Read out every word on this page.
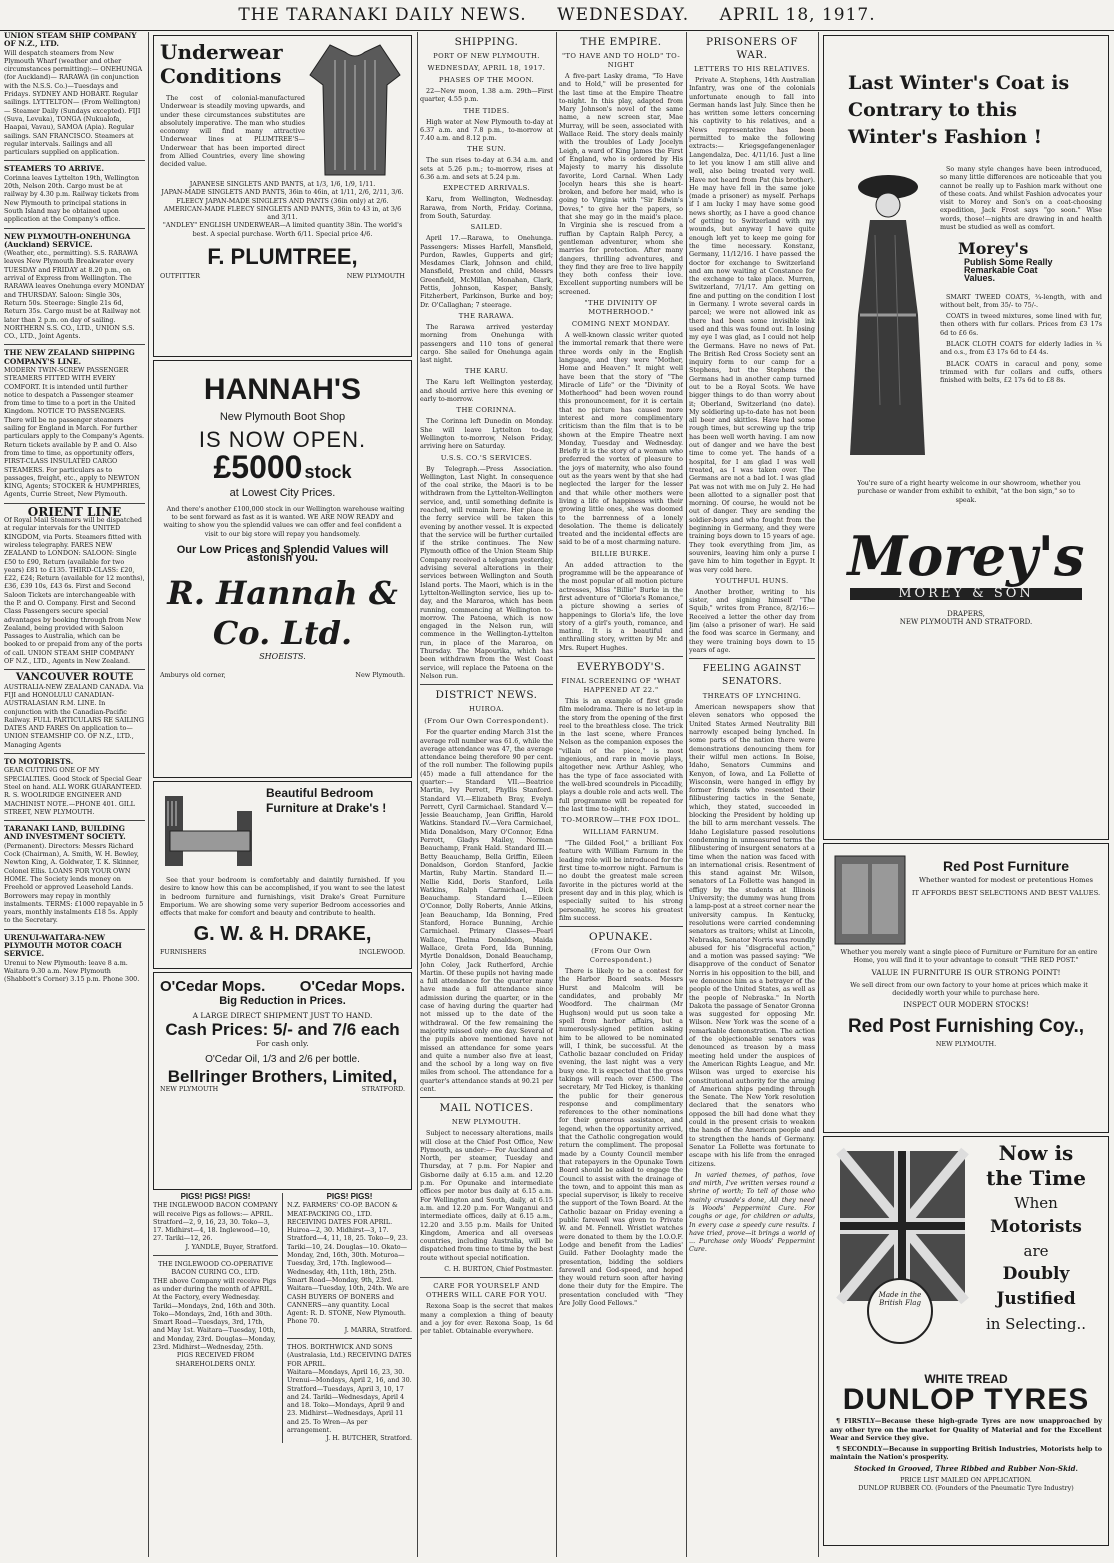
THE TARANAKI DAILY NEWS. WEDNESDAY. APRIL 18, 1917.
UNION STEAM SHIP COMPANY OF N.Z., LTD.
Will despatch steamers from New Plymouth Wharf (weather and other circumstances permitting):— ONEHUNGA (for Auckland)— RARAWA (in conjunction with the N.S.S. Co.)—Tuesdays and Fridays. SYDNEY AND HOBART. Regular sailings. LYTTELTON— (From Wellington)— Steamer Daily (Sundays excepted). FIJI (Suva, Levuka), TONGA (Nukualofa, Haapai, Vavau), SAMOA (Apia). Regular sailings. SAN FRANCISCO. Steamers at regular intervals. Sailings and all particulars supplied on application.
STEAMERS TO ARRIVE.
Corinna leaves Lyttelton 19th, Wellington 20th, Nelson 20th. Cargo must be at railway by 4.30 p.m. Railway tickets from New Plymouth to principal stations in South Island may be obtained upon application at the Company's office.
NEW PLYMOUTH-ONEHUNGA (Auckland) SERVICE.
(Weather, etc., permitting). S.S. RARAWA leaves New Plymouth Breakwater every TUESDAY and FRIDAY at 8.20 p.m., on arrival of Express from Wellington. The RARAWA leaves Onehunga every MONDAY and THURSDAY. Saloon: Single 30s, Return 50s. Steerage: Single 21s 6d, Return 35s. Cargo must be at Railway not later than 2 p.m. on day of sailing. NORTHERN S.S. CO., LTD., UNION S.S. CO., LTD., Joint Agents.
THE NEW ZEALAND SHIPPING COMPANY'S LINE.
MODERN TWIN-SCREW PASSENGER STEAMERS FITTED WITH EVERY COMFORT. It is intended until further notice to despatch a Passenger steamer from time to time to a port in the United Kingdom. NOTICE TO PASSENGERS. There will be no passenger steamers sailing for England in March. For further particulars apply to the Company's Agents. Return tickets available by P. and O. Also from time to time, as opportunity offers, FIRST-CLASS INSULATED CARGO STEAMERS. For particulars as to passages, freight, etc., apply to NEWTON KING, Agents; STOCKER & HUMPHRIES, Agents, Currie Street, New Plymouth.
ORIENT LINE
Of Royal Mail Steamers will be dispatched at regular intervals for the UNITED KINGDOM, via Ports. Steamers fitted with wireless telegraphy. FARES NEW ZEALAND to LONDON: SALOON: Single £50 to £90, Return (available for two years) £81 to £135. THIRD-CLASS: £20, £22, £24; Return (available for 12 months), £36, £39 10s, £43 6s. First and Second Saloon Tickets are interchangeable with the P. and O. Company. First and Second Class Passengers secure special advantages by booking through from New Zealand, being provided with Saloon Passages to Australia, which can be booked to or prepaid from any of the ports of call. UNION STEAM SHIP COMPANY OF N.Z., LTD., Agents in New Zealand.
VANCOUVER ROUTE
AUSTRALIA-NEW ZEALAND CANADA. Via FIJI and HONOLULU CANADIAN-AUSTRALASIAN R.M. LINE. In conjunction with the Canadian-Pacific Railway. FULL PARTICULARS RE SAILING DATES AND FARES On application to— UNION STEAMSHIP CO. OF N.Z., LTD., Managing Agents
TO MOTORISTS.
GEAR CUTTING ONE OF MY SPECIALTIES. Good Stock of Special Gear Steel on hand. ALL WORK GUARANTEED. R. S. WOOLRIDGE ENGINEER AND MACHINIST NOTE.—PHONE 401. GILL STREET, NEW PLYMOUTH.
TARANAKI LAND, BUILDING AND INVESTMENT SOCIETY.
(Permanent). Directors: Messrs Richard Cock (Chairman), A. Smith, W. H. Bewley, Newton King, A. Goldwater, T. K. Skinner, Colonel Ellis. LOANS FOR YOUR OWN HOME. The Society lends money on Freehold or approved Leasehold Lands. Borrowers may repay in monthly instalments. TERMS: £1000 repayable in 5 years, monthly instalments £18 5s. Apply to the Secretary.
URENUI-WAITARA-NEW PLYMOUTH MOTOR COACH SERVICE.
Urenui to New Plymouth: leave 8 a.m. Waitara 9.30 a.m. New Plymouth (Shabbott's Corner) 3.15 p.m. Phone 300.
Underwear
Conditions
The cost of colonial-manufactured Underwear is steadily moving upwards, and under these circumstances substitutes are absolutely imperative. The man who studies economy will find many attractive Underwear lines at PLUMTREE'S—Underwear that has been imported direct from Allied Countries, every line showing decided value.
JAPANESE SINGLETS AND PANTS, at 1/3, 1/6, 1/9, 1/11.
JAPAN-MADE SINGLETS AND PANTS, 36in to 46in, at 1/11, 2/6, 2/11, 3/6.
FLEECY JAPAN-MADE SINGLETS AND PANTS (36in only) at 2/6.
AMERICAN-MADE FLEECY SINGLETS AND PANTS, 36in to 43 in, at 3/6 and 3/11.
"ANDLEY" ENGLISH UNDERWEAR—A limited quantity 38in. The world's best. A special purchase. Worth 6/11. Special price 4/6.
F. PLUMTREE,
OUTFITTER	NEW PLYMOUTH
HANNAH'S
New Plymouth Boot Shop
IS NOW OPEN.
£5000 stock
at Lowest City Prices.
And there's another £100,000 stock in our Wellington warehouse waiting to be sent forward as fast as it is wanted. WE ARE NOW READY and waiting to show you the splendid values we can offer and feel confident a visit to our big store will repay you handsomely.
Our Low Prices and Splendid Values will astonish you.
R. Hannah & Co. Ltd.
SHOEISTS.
Amburys old corner,	New Plymouth.
Beautiful Bedroom
Furniture at Drake's !
See that your bedroom is comfortably and daintily furnished. If you desire to know how this can be accomplished, if you want to see the latest in bedroom furniture and furnishings, visit Drake's Great Furniture Emporium. We are showing some very superior Bedroom accessories and effects that make for comfort and beauty and contribute to health.
G. W. & H. DRAKE,
FURNISHERS	INGLEWOOD.
O'Cedar Mops. O'Cedar Mops.
Big Reduction in Prices.
A LARGE DIRECT SHIPMENT JUST TO HAND.
Cash Prices: 5/- and 7/6 each
For cash only.
O'Cedar Oil, 1/3 and 2/6 per bottle.
Bellringer Brothers, Limited,
NEW PLYMOUTH	STRATFORD.
PIGS! PIGS! PIGS!
THE INGLEWOOD BACON COMPANY will receive Pigs as follows:— APRIL. Stratford—2, 9, 16, 23, 30. Toko—3, 17. Midhirst—4, 18. Inglewood—10, 27. Tariki—12, 26.
J. YANDLE, Buyer, Stratford.
THE INGLEWOOD CO-OPERATIVE BACON CURING CO., LTD.
THE above Company will receive Pigs as under during the month of APRIL. At the Factory, every Wednesday. Tariki—Mondays, 2nd, 16th and 30th. Toko—Mondays, 2nd, 16th and 30th. Smart Road—Tuesdays, 3rd, 17th, and May 1st. Waitara—Tuesday, 10th, and Monday, 23rd. Douglas—Monday, 23rd. Midhirst—Wednesday, 25th.
PIGS RECEIVED FROM SHAREHOLDERS ONLY.
PIGS! PIGS!
N.Z. FARMERS' CO-OP. BACON & MEAT-PACKING CO., LTD. RECEIVING DATES FOR APRIL.
Huiroa—2, 30. Midhirst—3, 17. Stratford—4, 11, 18, 25. Toko—9, 23. Tariki—10, 24. Douglas—10. Okato—Monday, 2nd, 16th, 30th. Moturoa—Tuesday, 3rd, 17th. Inglewood—Wednesday, 4th, 11th, 18th, 25th. Smart Road—Monday, 9th, 23rd. Waitara—Tuesday, 10th, 24th. We are CASH BUYERS OF BONERS and CANNERS—any quantity. Local Agent: R. D. STONE, New Plymouth. Phone 70.
J. MARRA, Stratford.
THOS. BORTHWICK AND SONS (Australasia, Ltd.) RECEIVING DATES FOR APRIL.
Waitara—Mondays, April 16, 23, 30. Urenui—Mondays, April 2, 16, and 30. Stratford—Tuesdays, April 3, 10, 17 and 24. Tariki—Wednesdays, April 4 and 18. Toko—Mondays, April 9 and 23. Midhirst—Wednesdays, April 11 and 25. To Wren—As per arrangement.
J. H. BUTCHER, Stratford.
SHIPPING.
PORT OF NEW PLYMOUTH.
WEDNESDAY, APRIL 18, 1917.
PHASES OF THE MOON.
22—New moon, 1.38 a.m. 29th—First quarter, 4.55 p.m.
THE TIDES.
High water at New Plymouth to-day at 6.37 a.m. and 7.8 p.m., to-morrow at 7.40 a.m. and 8.12 p.m.
THE SUN.
The sun rises to-day at 6.34 a.m. and sets at 5.26 p.m.; to-morrow, rises at 6.36 a.m. and sets at 5.24 p.m.
EXPECTED ARRIVALS.
Karu, from Wellington, Wednesday. Rarawa, from North, Friday. Corinna, from South, Saturday.
SAILED.
April 17.—Rarawa, to Onehunga. Passengers: Misses Harfell, Mansfield, Purdon, Rawles, Gupperts and girl; Mesdames Clark, Johnson and child, Mansfield, Preston and child, Messrs Greenfield, McMillan, Monahan, Clark, Pettis, Johnson, Kasper, Bansly, Fitzherbert, Parkinson, Burke and boy; Dr. O'Callaghan; 7 steerage.
THE RARAWA.
The Rarawa arrived yesterday morning from Onehunga with passengers and 110 tons of general cargo. She sailed for Onehunga again last night.
THE KARU.
The Karu left Wellington yesterday, and should arrive here this evening or early to-morrow.
THE CORINNA.
The Corinna left Dunedin on Monday. She will leave Lyttelton to-day, Wellington to-morrow, Nelson Friday, arriving here on Saturday.
U.S.S. CO.'S SERVICES.
By Telegraph.—Press Association. Wellington, Last Night. In consequence of the coal strike, the Maori is to be withdrawn from the Lyttelton-Wellington service, and, until something definite is reached, will remain here. Her place in the ferry service will be taken this evening by another vessel. It is expected that the service will be further curtailed if the strike continues. The New Plymouth office of the Union Steam Ship Company received a telegram yesterday, advising several alterations in their services between Wellington and South Island ports. The Maori, which is in the Lyttelton-Wellington service, lies up to-day, and the Mararoa, which has been running, commencing at Wellington to-morrow. The Patoena, which is now engaged in the Nelson run, will commence in the Wellington-Lyttelton run, in place of the Mararoa, on Thursday. The Mapourika, which has been withdrawn from the West Coast service, will replace the Patoena on the Nelson run.
DISTRICT NEWS.
HUIROA.
(From Our Own Correspondent).
For the quarter ending March 31st the average roll number was 61.6, while the average attendance was 47, the average attendance being therefore 90 per cent. of the roll number. The following pupils (45) made a full attendance for the quarter:— Standard VII.—Beatrice Martin, Ivy Perrett, Phyllis Stanford. Standard VI.—Elizabeth Bray, Evelyn Perrett, Cyril Carmichael. Standard V.—Jessie Beauchamp, Jean Griffin, Harold Watkins. Standard IV.—Vera Carmichael, Mida Donaldson, Mary O'Connor, Edna Perrott, Gladys Mailey, Norman Beauchamp, Frank Hald. Standard III.—Betty Beauchamp, Bella Griffin, Eileen Donaldson, Gordon Stanford, Jackie Martin, Ruby Martin. Standard II.—Nellie Kidd, Doris Stanford, Leila Watkins, Ralph Carmichael, Dick Beauchamp. Standard I.—Eileen O'Connor, Dolly Roberts, Annie Atkins, Jean Beauchamp, Ida Bonning, Fred Stanford, Horace Bunning, Archie Carmichael. Primary Classes—Pearl Wallace, Thelma Donaldson, Maida Wallace, Greta Ford, Ida Bunning, Myrtle Donaldson, Donald Beauchamp, John Coley, Jack Rutherford, Archie Martin. Of these pupils not having made a full attendance for the quarter many have made a full attendance since admission during the quarter, or in the case of having during the quarter had not missed up to the date of the withdrawal. Of the few remaining the majority missed only one day. Several of the pupils above mentioned have not missed an attendance for some years and quite a number also five at least, and the school by a long way on five miles from school. The attendance for a quarter's attendance stands at 90.21 per cent.
MAIL NOTICES.
NEW PLYMOUTH.
Subject to necessary alterations, mails will close at the Chief Post Office, New Plymouth, as under:— For Auckland and North, per steamer, Tuesday and Thursday, at 7 p.m. For Napier and Gisborne daily at 6.15 a.m. and 12.20 p.m. For Opunake and intermediate offices per motor bus daily at 6.15 a.m. For Wellington and South, daily, at 6.15 a.m. and 12.20 p.m. For Wanganui and intermediate offices, daily at 6.15 a.m., 12.20 and 3.55 p.m. Mails for United Kingdom, America and all overseas countries, including Australia, will be dispatched from time to time by the best route without special notification.
C. H. BURTON, Chief Postmaster.
CARE FOR YOURSELF AND OTHERS WILL CARE FOR YOU.
Rexona Soap is the secret that makes many a complexion a thing of beauty and a joy for ever. Rexona Soap, 1s 6d per tablet. Obtainable everywhere.
THE EMPIRE.
"TO HAVE AND TO HOLD" TO-NIGHT
A five-part Lasky drama, "To Have and to Hold," will be presented for the last time at the Empire Theatre to-night. In this play, adapted from Mary Johnson's novel of the same name, a new screen star, Mae Murray, will be seen, associated with Wallace Reid. The story deals mainly with the troubles of Lady Jocelyn Leigh, a ward of King James the First of England, who is ordered by His Majesty to marry his dissolute favorite, Lord Carnal. When Lady Jocelyn hears this she is heart-broken, and before her maid, who is going to Virginia with "Sir Edwin's Doves," to give her the papers, so that she may go in the maid's place. In Virginia she is rescued from a ruffian by Captain Ralph Percy, a gentleman adventurer, whom she marries for protection. After many dangers, thrilling adventures, and they find they are free to live happily they both confess their love. Excellent supporting numbers will be screened.
"THE DIVINITY OF MOTHERHOOD."
COMING NEXT MONDAY.
A well-known classic writer quoted the immortal remark that there were three words only in the English language, and they were "Mother, Home and Heaven." It might well have been that the story of "The Miracle of Life" or the "Divinity of Motherhood" had been woven round this pronouncement, for it is certain that no picture has caused more interest and more complimentary criticism than the film that is to be shown at the Empire Theatre next Monday, Tuesday and Wednesday. Briefly it is the story of a woman who preferred the vortex of pleasure to the joys of maternity, who also found out as the years went by that she had neglected the larger for the lesser and that while other mothers were living a life of happiness with their growing little ones, she was doomed to the barrenness of a lonely desolation. The theme is delicately treated and the incidental effects are said to be of a most charming nature.
BILLIE BURKE.
An added attraction to the programme will be the appearance of the most popular of all motion picture actresses, Miss "Billie" Burke in the first adventure of "Gloria's Romance," a picture showing a series of happenings to Gloria's life, the love story of a girl's youth, romance, and mating. It is a beautiful and enthralling story, written by Mr. and Mrs. Rupert Hughes.
EVERYBODY'S.
FINAL SCREENING OF "WHAT HAPPENED AT 22."
This is an example of first grade film melodrama. There is no let-up in the story from the opening of the first reel to the breathless close. The trick in the last scene, where Frances Nelson as the companion exposes the "villain of the piece," is most ingenious, and rare in movie plays, altogether new. Arthur Ashley, who has the type of face associated with the well-bred scoundrels in Piccadilly, plays a double role and acts well. The full programme will be repeated for the last time to-night.
TO-MORROW—THE FOX IDOL.
WILLIAM FARNUM.
"The Gilded Fool," a brilliant Fox feature with William Farnum in the leading role will be introduced for the first time to-morrow night. Farnum is no doubt the greatest male screen favorite in the pictures world at the present day and in this play, which is especially suited to his strong personality, he scores his greatest film success.
OPUNAKE.
(From Our Own Correspondent.)
There is likely to be a contest for the Harbor Board seats. Messrs Hurst and Malcolm will be candidates, and probably Mr Woodford. The chairman (Mr Hughson) would put us soon take a spell from harbor affairs, but a numerously-signed petition asking him to be allowed to be nominated will, I think, be successful. At the Catholic bazaar concluded on Friday evening, the last night was a very busy one. It is expected that the gross takings will reach over £500. The secretary, Mr Ted Hickey, is thanking the public for their generous response and complimentary references to the other nominations for their generous assistance, and legend, when the opportunity arrived, that the Catholic congregation would return the compliment. The proposal made by a County Council member that ratepayers in the Opunake Town Board should be asked to engage the Council to assist with the drainage of the town, and to appoint this man as special supervisor, is likely to receive the support of the Town Board. At the Catholic bazaar on Friday evening a public farewell was given to Private W. and M. Fennell. Wristlet watches were donated to them by the I.O.O.F. Lodge and benefit from the Ladies' Guild. Father Doolaghty made the presentation, bidding the soldiers farewell and God-speed, and hoped they would return soon after having done their duty for the Empire. The presentation concluded with "They Are Jolly Good Fellows."
PRISONERS OF WAR.
LETTERS TO HIS RELATIVES.
Private A. Stephens, 14th Australian Infantry, was one of the colonials unfortunate enough to fall into German hands last July. Since then he has written some letters concerning his captivity to his relatives, and a News representative has been permitted to make the following extracts:— Kriegsgefangenenlager Langendalza, Dec. 4/11/16. Just a line to let you know I am still alive and well, also being treated very well. Have not heard from Pat (his brother). He may have fell in the same joke (made a prisoner) as myself. Perhaps if I am lucky I may have some good news shortly, as I have a good chance of getting to Switzerland with my wounds, but anyway I have quite enough left yet to keep me going for the time necessary. Konstanz, Germany, 11/12/16. I have passed the doctor for exchange to Switzerland and am now waiting at Constance for the exchange to take place. Murren, Switzerland, 7/1/17. Am getting on fine and putting on the condition I lost in Germany. I wrote several cards in parcel; we were not allowed ink as there had been some invisible ink used and this was found out. In losing my eye I was glad, as I could not help the Germans. Have no news of Pat. The British Red Cross Society sent an inquiry form to our camp for a Stephens, but the Stephens the Germans had in another camp turned out to be a Royal Scots. We have bigger things to do than worry about it; Oberland, Switzerland (no date). My soldiering up-to-date has not been all beer and skittles. Have had some rough times, but screwing up the trip has been well worth having. I am now out of danger and we have the best time to come yet. The hands of a hospital, for I am glad I was well treated, as I was taken over. The Germans are not a bad lot. I was glad Pat was not with me on July 2. He had been allotted to a signaller post that morning. Of course, he would not be out of danger. They are sending the soldier-boys and who fought from the beginning in Germany, and they were training boys down to 15 years of age. They took everything from Jim, as souvenirs, leaving him only a purse I gave him to him together in Egypt. It was very cold here.
YOUTHFUL HUNS.
Another brother, writing to his sister, and signing himself "The Squib," writes from France, 8/2/16:—Received a letter the other day from Jim (also a prisoner of war). He said the food was scarce in Germany, and they were training boys down to 15 years of age.
FEELING AGAINST SENATORS.
THREATS OF LYNCHING.
American newspapers show that eleven senators who opposed the United States Armed Neutrality Bill narrowly escaped being lynched. In some parts of the nation there were demonstrations denouncing them for their wilful men actions. In Boise, Idaho, Senators Cummins and Kenyon, of Iowa, and La Follette of Wisconsin, were hanged in effigy by former friends who resented their filibustering tactics in the Senate, which, they stated, succeeded in blocking the President by holding up the bill to arm merchant vessels. The Idaho Legislature passed resolutions condemning in unmeasured terms the filibustering of insurgent senators at a time when the nation was faced with an international crisis. Resentment of this stand against Mr. Wilson, senators of La Follette was hanged in effigy by the students at Illinois University; the dummy was hung from a lamp-post at a street corner near the university campus. In Kentucky, resolutions were carried condemning senators as traitors; whilst at Lincoln, Nebraska, Senator Norris was roundly abused for his "disgraceful action," and a motion was passed saying: "We disapprove of the conduct of Senator Norris in his opposition to the bill, and we denounce him as a betrayer of the people of the United States, as well as the people of Nebraska." In North Dakota the passage of Senator Gronna was suggested for opposing Mr. Wilson. New York was the scene of a remarkable demonstration. The action of the objectionable senators was denounced as treason by a mass meeting held under the auspices of the American Rights League, and Mr. Wilson was urged to exercise his constitutional authority for the arming of American ships pending through the Senate. The New York resolution declared that the senators who opposed the bill had done what they could in the present crisis to weaken the hands of the American people and to strengthen the hands of Germany. Senator La Follette was fortunate to escape with his life from the enraged citizens.
In varied themes, of pathos, love and mirth, I've written verses round a shrine of worth; To tell of those who mainly crusade's done, All they need is Woods' Peppermint Cure. For coughs or age, for children or adults, In every case a speedy cure results. I have tried, prove—it brings a world of ... Purchase only Woods' Peppermint Cure.
Last Winter's Coat is
Contrary to this
Winter's Fashion !
So many style changes have been introduced, so many little differences are noticeable that you cannot be really up to Fashion mark without one of these coats. And whilst Fashion advocates your visit to Morey and Son's on a coat-choosing expedition, Jack Frost says "go soon." Wise words, those!—nights are drawing in and health must be studied as well as comfort.
Morey's
Publish Some Really
Remarkable Coat
Values.
SMART TWEED COATS, ¾-length, with and without belt, from 35/- to 75/-.
COATS in tweed mixtures, some lined with fur, then others with fur collars. Prices from £3 17s 6d to £6 6s.
BLACK CLOTH COATS for elderly ladies in ¾ and o.s., from £3 17s 6d to £4 4s.
BLACK COATS in caracul and pony, some trimmed with fur collars and cuffs, others finished with belts, £2 17s 6d to £8 8s.
You're sure of a right hearty welcome in our showroom, whether you purchase or wander from exhibit to exhibit, "at the bon sign," so to speak.
Morey's
MOREY & SON
DRAPERS,
NEW PLYMOUTH AND STRATFORD.
Red Post Furniture
Whether wanted for modest or pretentious Homes
IT AFFORDS BEST SELECTIONS AND BEST VALUES.
Whether you merely want a single piece of Furniture or Furniture for an entire Home, you will find it to your advantage to consult "THE RED POST."
VALUE IN FURNITURE IS OUR STRONG POINT!
We sell direct from our own factory to your home at prices which make it decidedly worth your while to purchase here.
INSPECT OUR MODERN STOCKS!
Red Post Furnishing Coy.,
NEW PLYMOUTH.
Made in the British Flag
Now is
the Time
When
Motorists
are
Doubly
Justified
in Selecting..
WHITE TREAD
DUNLOP TYRES
¶ FIRSTLY—Because these high-grade Tyres are now unapproached by any other tyre on the market for Quality of Material and for the Excellent Wear and Service they give.
¶ SECONDLY—Because in supporting British Industries, Motorists help to maintain the Nation's prosperity.
Stocked in Grooved, Three Ribbed and Rubber Non-Skid.
PRICE LIST MAILED ON APPLICATION.
DUNLOP RUBBER CO. (Founders of the Pneumatic Tyre Industry)
